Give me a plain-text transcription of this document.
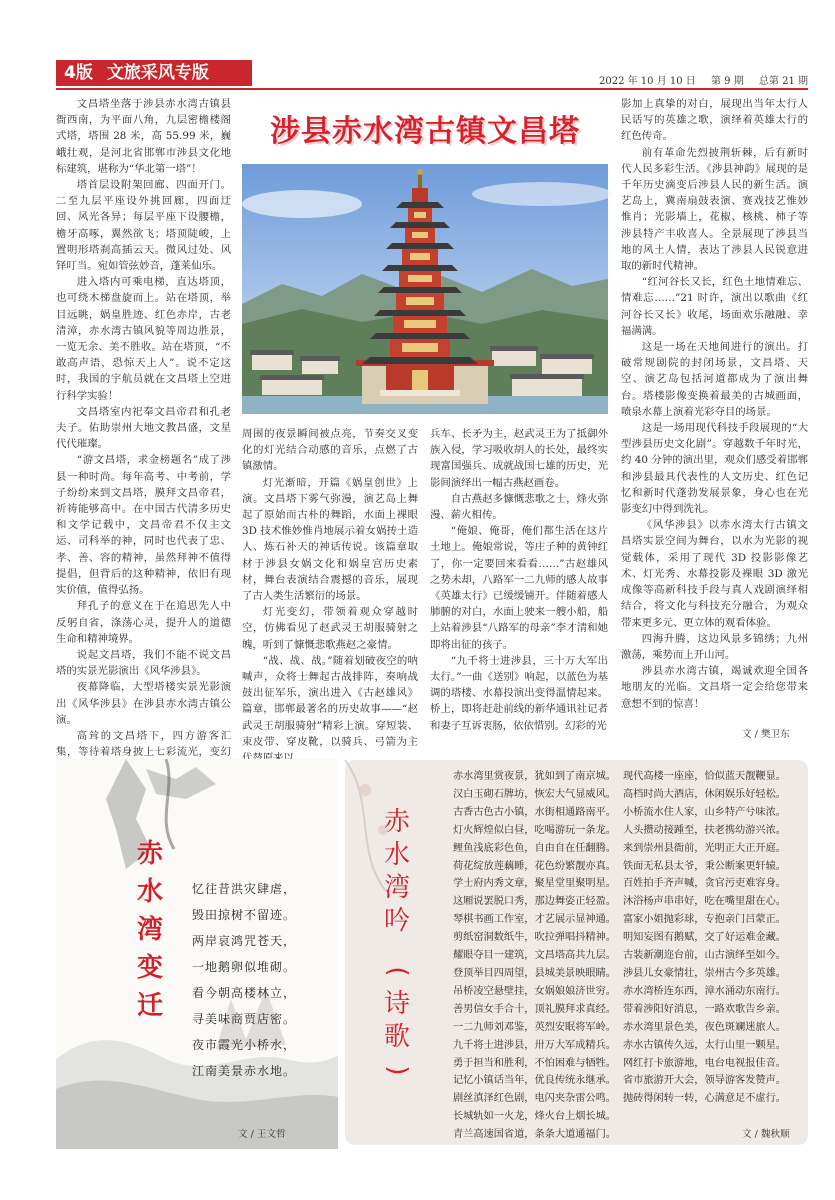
4版 文旅采风专版	2022 年 10 月 10 日 第 9 期 总第 21 期

文昌塔坐落于涉县赤水湾古镇县衙西南，为平面八角，九层密檐楼阁式塔，塔围 28 米，高 55.99 米，巍峨壮观，是河北省邯郸市涉县文化地标建筑，堪称为“华北第一塔”！

塔首层设附架回廊、四面开门。二至九层平座设外挑回廊，四面迂回、风光各异；每层平座下设腰檐，檐牙高啄，翼然欲飞；塔顶陡峻，上置明形塔刹高插云天。微风过处、风铎叮当。宛如管弦妙音，蓬莱仙乐。

进入塔内可乘电梯，直达塔顶，也可绕木梯盘旋而上。站在塔顶，举目远眺，娲皇胜迹、红色赤岸，古老清漳，赤水湾古镇风貌等周边胜景，一览无余、美不胜收。站在塔顶，“不敢高声语，恐惊天上人”。说不定这时，我国的宇航员就在文昌塔上空进行科学实验！

文昌塔室内祀奉文昌帝君和孔老夫子。佑助崇州大地文教昌盛，文星代代璀璨。

“游文昌塔，求金榜题名”成了涉县一种时尚。每年高考、中考前，学子纷纷来到文昌塔，膜拜文昌帝君，祈祷能够高中。在中国古代清多历史和文学记载中，文昌帝君不仅主文运、司科举的神，同时也代表了忠、孝、善、容的精神，虽然拜神不值得提倡，但背后的这种精神，依旧有现实价值，值得弘扬。

拜孔子的意义在于在追思先人中反躬自省，涤荡心灵，提升人的道德生命和精神境界。

说起文昌塔，我们不能不说文昌塔的实景光影演出《风华涉县》。

夜幕降临，大型塔楼实景光影演出《风华涉县》在涉县赤水湾古镇公演。

高耸的文昌塔下，四方游客汇集，等待着塔身披上七彩流光，变幻

涉县赤水湾古镇文昌塔

周围的夜景瞬间被点亮，节奏交叉变化的灯光结合动感的音乐，点燃了古镇激情。

灯光渐暗，开篇《娲皇创世》上演。文昌塔下雾气弥漫，演艺岛上舞起了原始而古朴的舞蹈，水面上裸眼 3D 技术惟妙惟肖地展示着女娲抟土造人、炼石补天的神话传说。该篇章取材于涉县女娲文化和娲皇宫历史素材，舞台表演结合震撼的音乐，展现了古人类生活繁衍的场景。

灯光变幻，带领着观众穿越时空，仿佛看见了赵武灵王胡服骑射之魄，听到了慷慨悲歌燕赵之豪情。

“战、战、战。”随着划破夜空的呐喊声，众将士舞起古战排阵，奏响战鼓出征军乐，演出进入《古赵雄风》篇章，邯郸最著名的历史故事——“赵武灵王胡服骑射”精彩上演。穿短装、束皮带、穿皮靴，以骑兵、弓箭为主

兵车、长矛为主，赵武灵王为了抵御外族入侵，学习吸收胡人的长处，最终实现富国强兵、成就战国七雄的历史，光影间演绎出一幅古燕赵画卷。

自古燕赵多慷慨悲歌之士，烽火弥漫、薪火相传。

“俺娘、俺哥，俺们都生活在这片土地上。俺娘常说，等庄子种的黄钟红了，你一定要回来看看……”古赵雄风之势未却，八路军一二九师的感人故事《英雄太行》已缓缓铺开。伴随着感人肺腑的对白，水面上驶来一艘小船，船上站着涉县“八路军的母亲”李才清和她即将出征的孩子。

“九千将士进涉县，三十万大军出太行。”一曲《送别》响起，以蓝色为基调的塔楼、水幕投演出变得温情起来。桥上，即将赶赴前线的新华通讯社记者和妻子互诉衷肠，依依惜别。幻彩的光

影加上真挚的对白，展现出当年太行人民话写的英雄之歌，演绎着英雄太行的红色传奇。

前有革命先烈披荆斩棘，后有新时代人民多彩生活。《涉县神韵》展现的是千年历史滴变后涉县人民的新生活。演艺岛上，冀南扇鼓表演、赛戏技艺惟妙惟肖；光影墙上，花椒、核桃、柿子等涉县特产丰收喜人。全景展现了涉县当地的风土人情，表达了涉县人民锐意进取的新时代精神。

“红河谷长又长，红色土地情难忘、情难忘……”21 时许，演出以歌曲《红河谷长又长》收尾，场面欢乐融融、幸福满满。

这是一场在天地间进行的演出。打破常规剧院的封闭场景，文昌塔、天空、演艺岛包括河道都成为了演出舞台。塔楼影像变换着最美的古城画面，喷泉水幕上演着光彩夺目的场景。

这是一场用现代科技手段展现的“大型涉县历史文化剧”。穿越数千年时光，约 40 分钟的演出里，观众们感受着邯郸和涉县最具代表性的人文历史、红色记忆和新时代蓬勃发展景象，身心也在光影变幻中得到洗礼。

《风华涉县》以赤水湾太行古镇文昌塔实景空间为舞台，以水为光影的视觉载体，采用了现代 3D 投影影像艺术、灯光秀、水幕投影及裸眼 3D 激光成像等高新科技手段与真人戏剧演绎相结合，将文化与科技充分融合，为观众带来更多元、更立体的观看体验。

四海升腾，这边风景多锦绣；九州激荡，乘势而上开山河。

涉县赤水湾古镇，竭诚欢迎全国各地朋友的光临。文昌塔一定会给您带来意想不到的惊喜！

文 / 樊卫东
赤水湾变迁
忆往昔洪灾肆虐，
毁田掠树不留迹。
两岸哀鸿咒苍天，
一地鹅卵似堆砌。
看今朝高楼林立，
寻美味商贾店密。
夜市霞光小桥水，
江南美景赤水地。
文 / 王文哲
赤水湾吟
(
诗歌
)
赤水湾里赏夜景，犹如到了南京城。
汉白玉砌石牌坊，恢宏大气显威风。
古香古色古小镇，水街相通路南平。
灯火辉煌似白昼，吃喝游玩一条龙。
鲤鱼浅底彩色鱼，自由自在任翻腾。
荷花绽放莲藕睡，花色纷繁靓亦真。
学士府内秀文章，聚星堂里聚明星。
这厢说罢脱口秀，那边舞姿正轻盈。
琴棋书画工作室，才艺展示显神通。
剪纸窑洞数纸牛，吹拉弹唱抖精神。
耀眼夺目一建筑，文昌塔高共九层。
登顶举目四周望，县城美景映眼睛。
吊桥凌空悬壁挂，女娲娘娘济世穷。
善男信女手合十，顶礼膜拜求真经。
一二九师刘邓鉴，英烈安眠将军岭。
九千将士进涉县，卅万大军成精兵。
勇于担当和胜利，不怕困难与牺牲。
记忆小镇话当年，优良传统永继承。
剧丝滇泽红色剧，电闪夹杂雷公鸣。
长城轨如一火龙，烽火台上烟长城。
青兰高速国省道，条条大道通福门。
现代高楼一座座，恰似蓝天靓鞭显。
高档时尚大酒店，休闲娱乐好轻松。
小桥流水住人家，山乡特产兮味浓。
人头攒动接踵至，扶老携幼游兴浓。
来到崇州县衙前，光明正大正开庭。
铁面无私县太爷，秉公断案更轩辕。
百姓拍手齐声喊，贪官污吏难容身。
沐浴杨声串串好，吃在嘴里甜在心。
富家小姐抛彩球，专抱亲门吕蒙正。
明知妄图有鹅赋，交了好运难金藏。
古装新潮迩台前，山古演绎至如今。
涉县儿女豪情壮，崇州古今多英雄。
赤水湾桥连东西，漳水涌动东南行。
带着涉阳好消息，一路欢歌告乡亲。
赤水湾里景色美，夜色斑斓迷旅人。
赤水古镇传久远，太行山里一颗星。
网红打卡旅游地，电台电视报佳音。
省市旅游开大会，领导游客发赞声。
抛砖得闲转一转，心满意足不虚行。
文 / 魏秋顺
